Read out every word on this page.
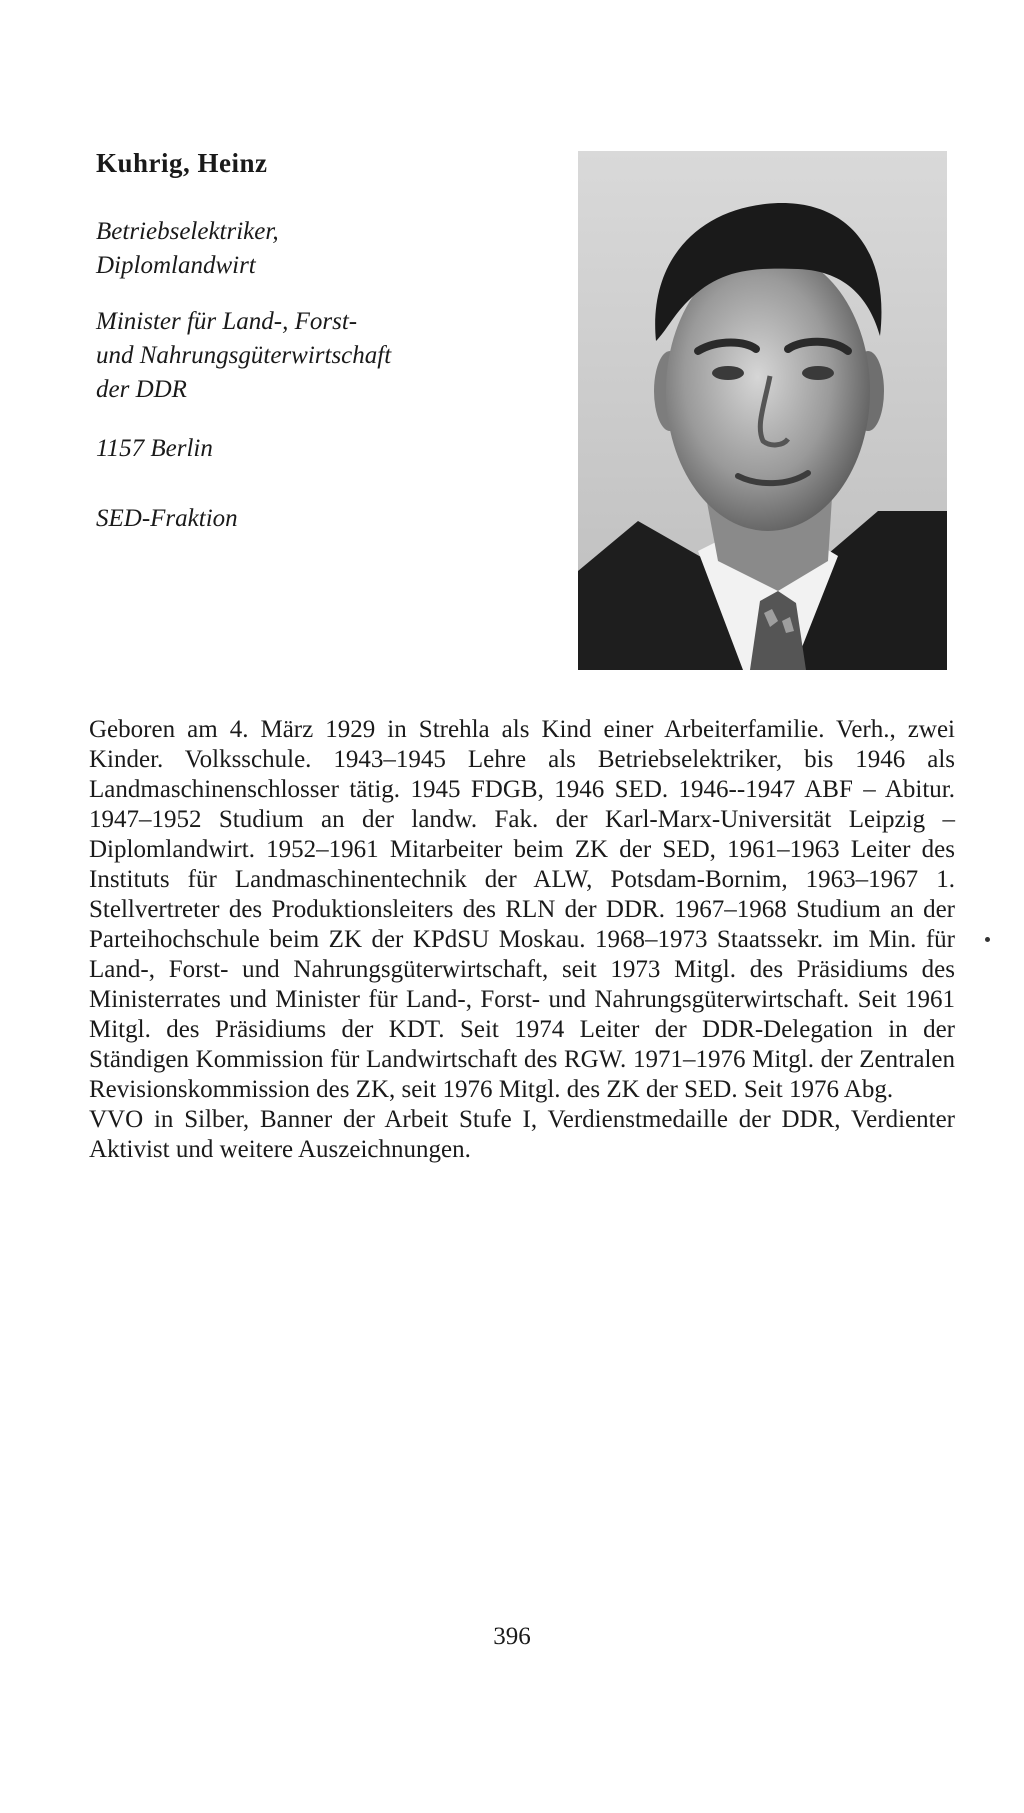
Kuhrig, Heinz
Betriebselektriker,
Diplomlandwirt
Minister für Land-, Forst-
und Nahrungsgüterwirtschaft
der DDR
1157 Berlin
SED-Fraktion

Geboren am 4. März 1929 in Strehla als Kind einer Arbeiterfamilie. Verh., zwei Kinder. Volksschule. 1943–1945 Lehre als Betriebselektriker, bis 1946 als Landmaschinenschlosser tätig. 1945 FDGB, 1946 SED. 1946--1947 ABF – Abitur. 1947–1952 Studium an der landw. Fak. der Karl-Marx-Universität Leipzig – Diplomlandwirt. 1952–1961 Mitarbeiter beim ZK der SED, 1961–1963 Leiter des Instituts für Landmaschinentechnik der ALW, Potsdam-Bornim, 1963–1967 1. Stellvertreter des Produktionsleiters des RLN der DDR. 1967–1968 Studium an der Parteihochschule beim ZK der KPdSU Moskau. 1968–1973 Staatssekr. im Min. für Land-, Forst- und Nahrungsgüterwirtschaft, seit 1973 Mitgl. des Präsidiums des Ministerrates und Minister für Land-, Forst- und Nahrungsgüterwirtschaft. Seit 1961 Mitgl. des Präsidiums der KDT. Seit 1974 Leiter der DDR-Delegation in der Ständigen Kommission für Landwirtschaft des RGW. 1971–1976 Mitgl. der Zentralen Revisionskommission des ZK, seit 1976 Mitgl. des ZK der SED. Seit 1976 Abg.

VVO in Silber, Banner der Arbeit Stufe I, Verdienstmedaille der DDR, Verdienter Aktivist und weitere Auszeichnungen.

396
